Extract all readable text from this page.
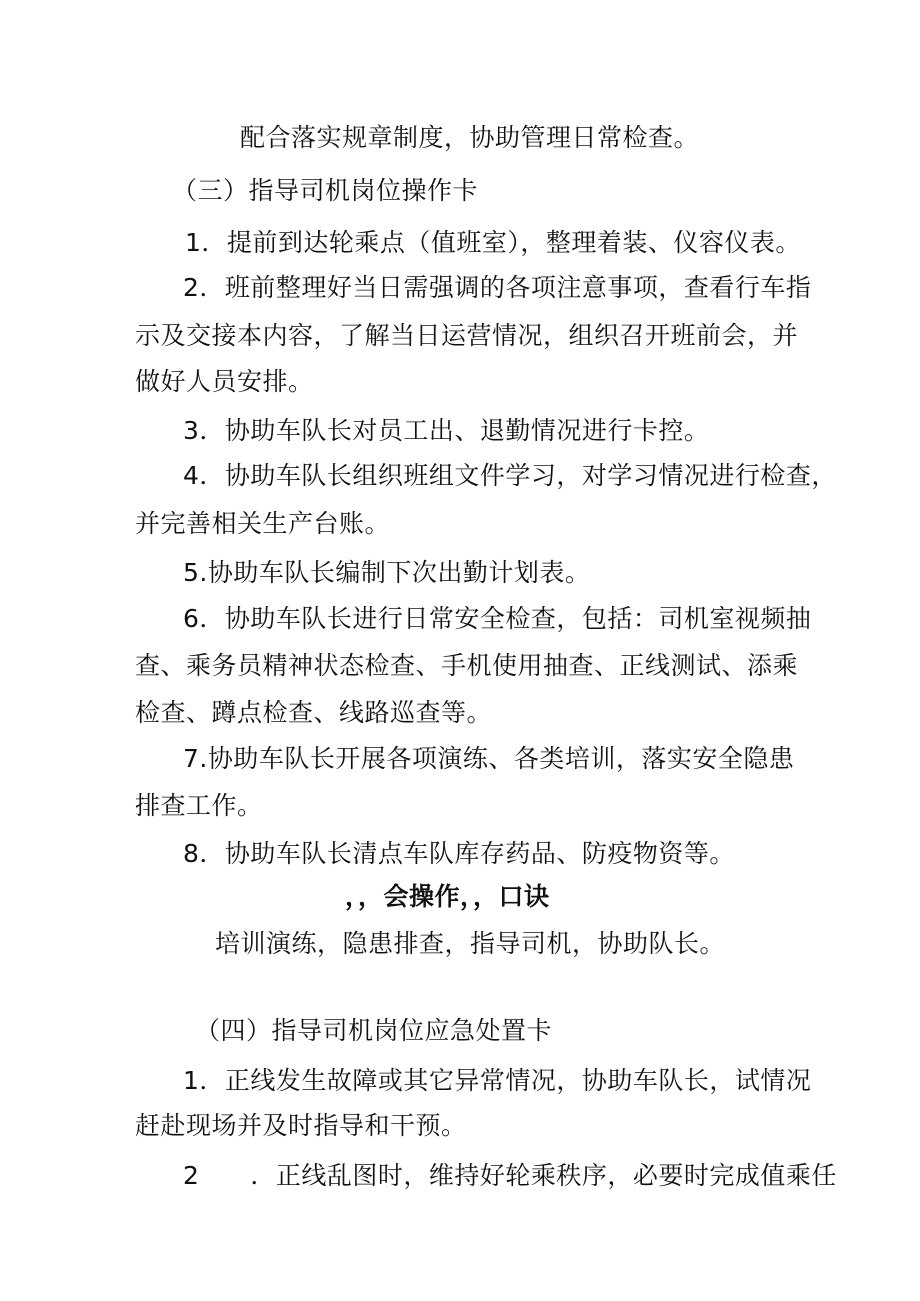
配合落实规章制度，协助管理日常检查。
（三）指导司机岗位操作卡
1．提前到达轮乘点（值班室），整理着装、仪容仪表。
2．班前整理好当日需强调的各项注意事项，查看行车指
示及交接本内容，了解当日运营情况，组织召开班前会，并
做好人员安排。
3．协助车队长对员工出、退勤情况进行卡控。
4．协助车队长组织班组文件学习，对学习情况进行检查，
并完善相关生产台账。
5.协助车队长编制下次出勤计划表。
6．协助车队长进行日常安全检查，包括：司机室视频抽
查、乘务员精神状态检查、手机使用抽查、正线测试、添乘
检查、蹲点检查、线路巡查等。
7.协助车队长开展各项演练、各类培训，落实安全隐患
排查工作。
8．协助车队长清点车队库存药品、防疫物资等。
，，会操作，，口诀
培训演练，隐患排查，指导司机，协助队长。
（四）指导司机岗位应急处置卡
1．正线发生故障或其它异常情况，协助车队长，试情况
赶赴现场并及时指导和干预。
2　　．正线乱图时，维持好轮乘秩序，必要时完成值乘任
